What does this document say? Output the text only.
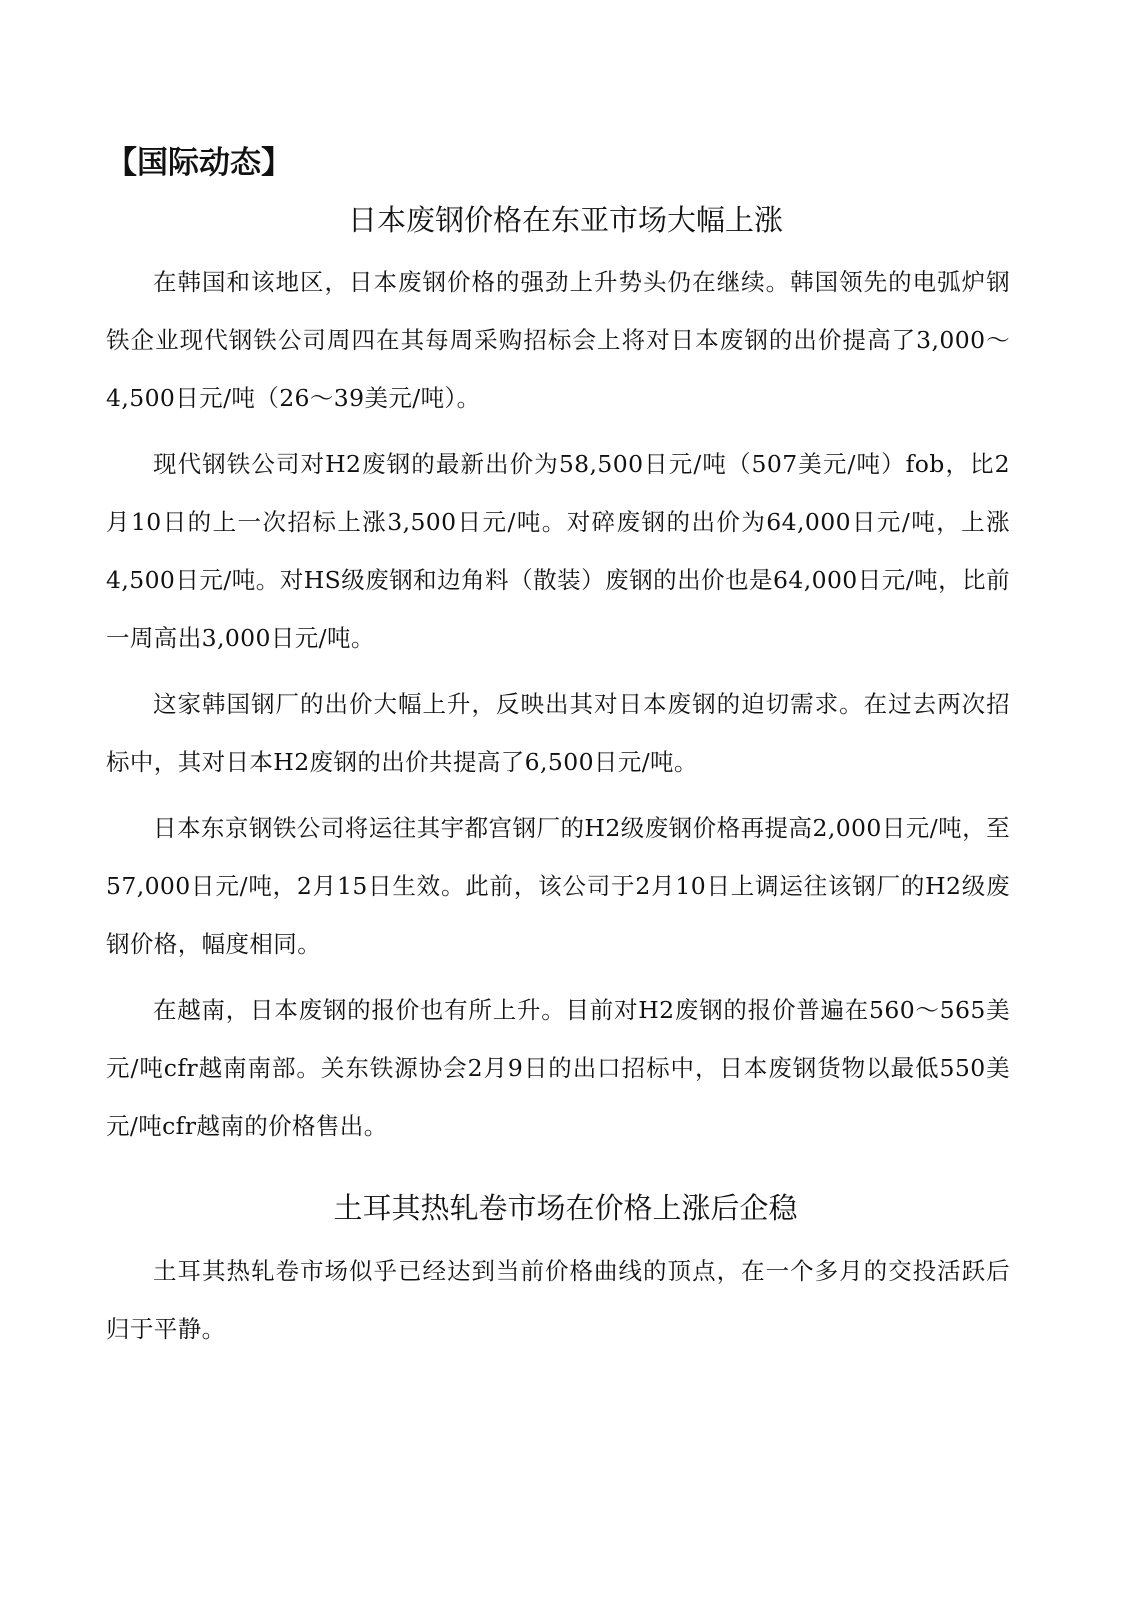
【国际动态】
日本废钢价格在东亚市场大幅上涨

在韩国和该地区，日本废钢价格的强劲上升势头仍在继续。韩国领先的电弧炉钢铁企业现代钢铁公司周四在其每周采购招标会上将对日本废钢的出价提高了3,000～4,500日元/吨（26～39美元/吨）。

现代钢铁公司对H2废钢的最新出价为58,500日元/吨（507美元/吨）fob，比2月10日的上一次招标上涨3,500日元/吨。对碎废钢的出价为64,000日元/吨，上涨4,500日元/吨。对HS级废钢和边角料（散装）废钢的出价也是64,000日元/吨，比前一周高出3,000日元/吨。

这家韩国钢厂的出价大幅上升，反映出其对日本废钢的迫切需求。在过去两次招标中，其对日本H2废钢的出价共提高了6,500日元/吨。

日本东京钢铁公司将运往其宇都宫钢厂的H2级废钢价格再提高2,000日元/吨，至57,000日元/吨，2月15日生效。此前，该公司于2月10日上调运往该钢厂的H2级废钢价格，幅度相同。

在越南，日本废钢的报价也有所上升。目前对H2废钢的报价普遍在560～565美元/吨cfr越南南部。关东铁源协会2月9日的出口招标中，日本废钢货物以最低550美元/吨cfr越南的价格售出。

土耳其热轧卷市场在价格上涨后企稳

土耳其热轧卷市场似乎已经达到当前价格曲线的顶点，在一个多月的交投活跃后归于平静。
